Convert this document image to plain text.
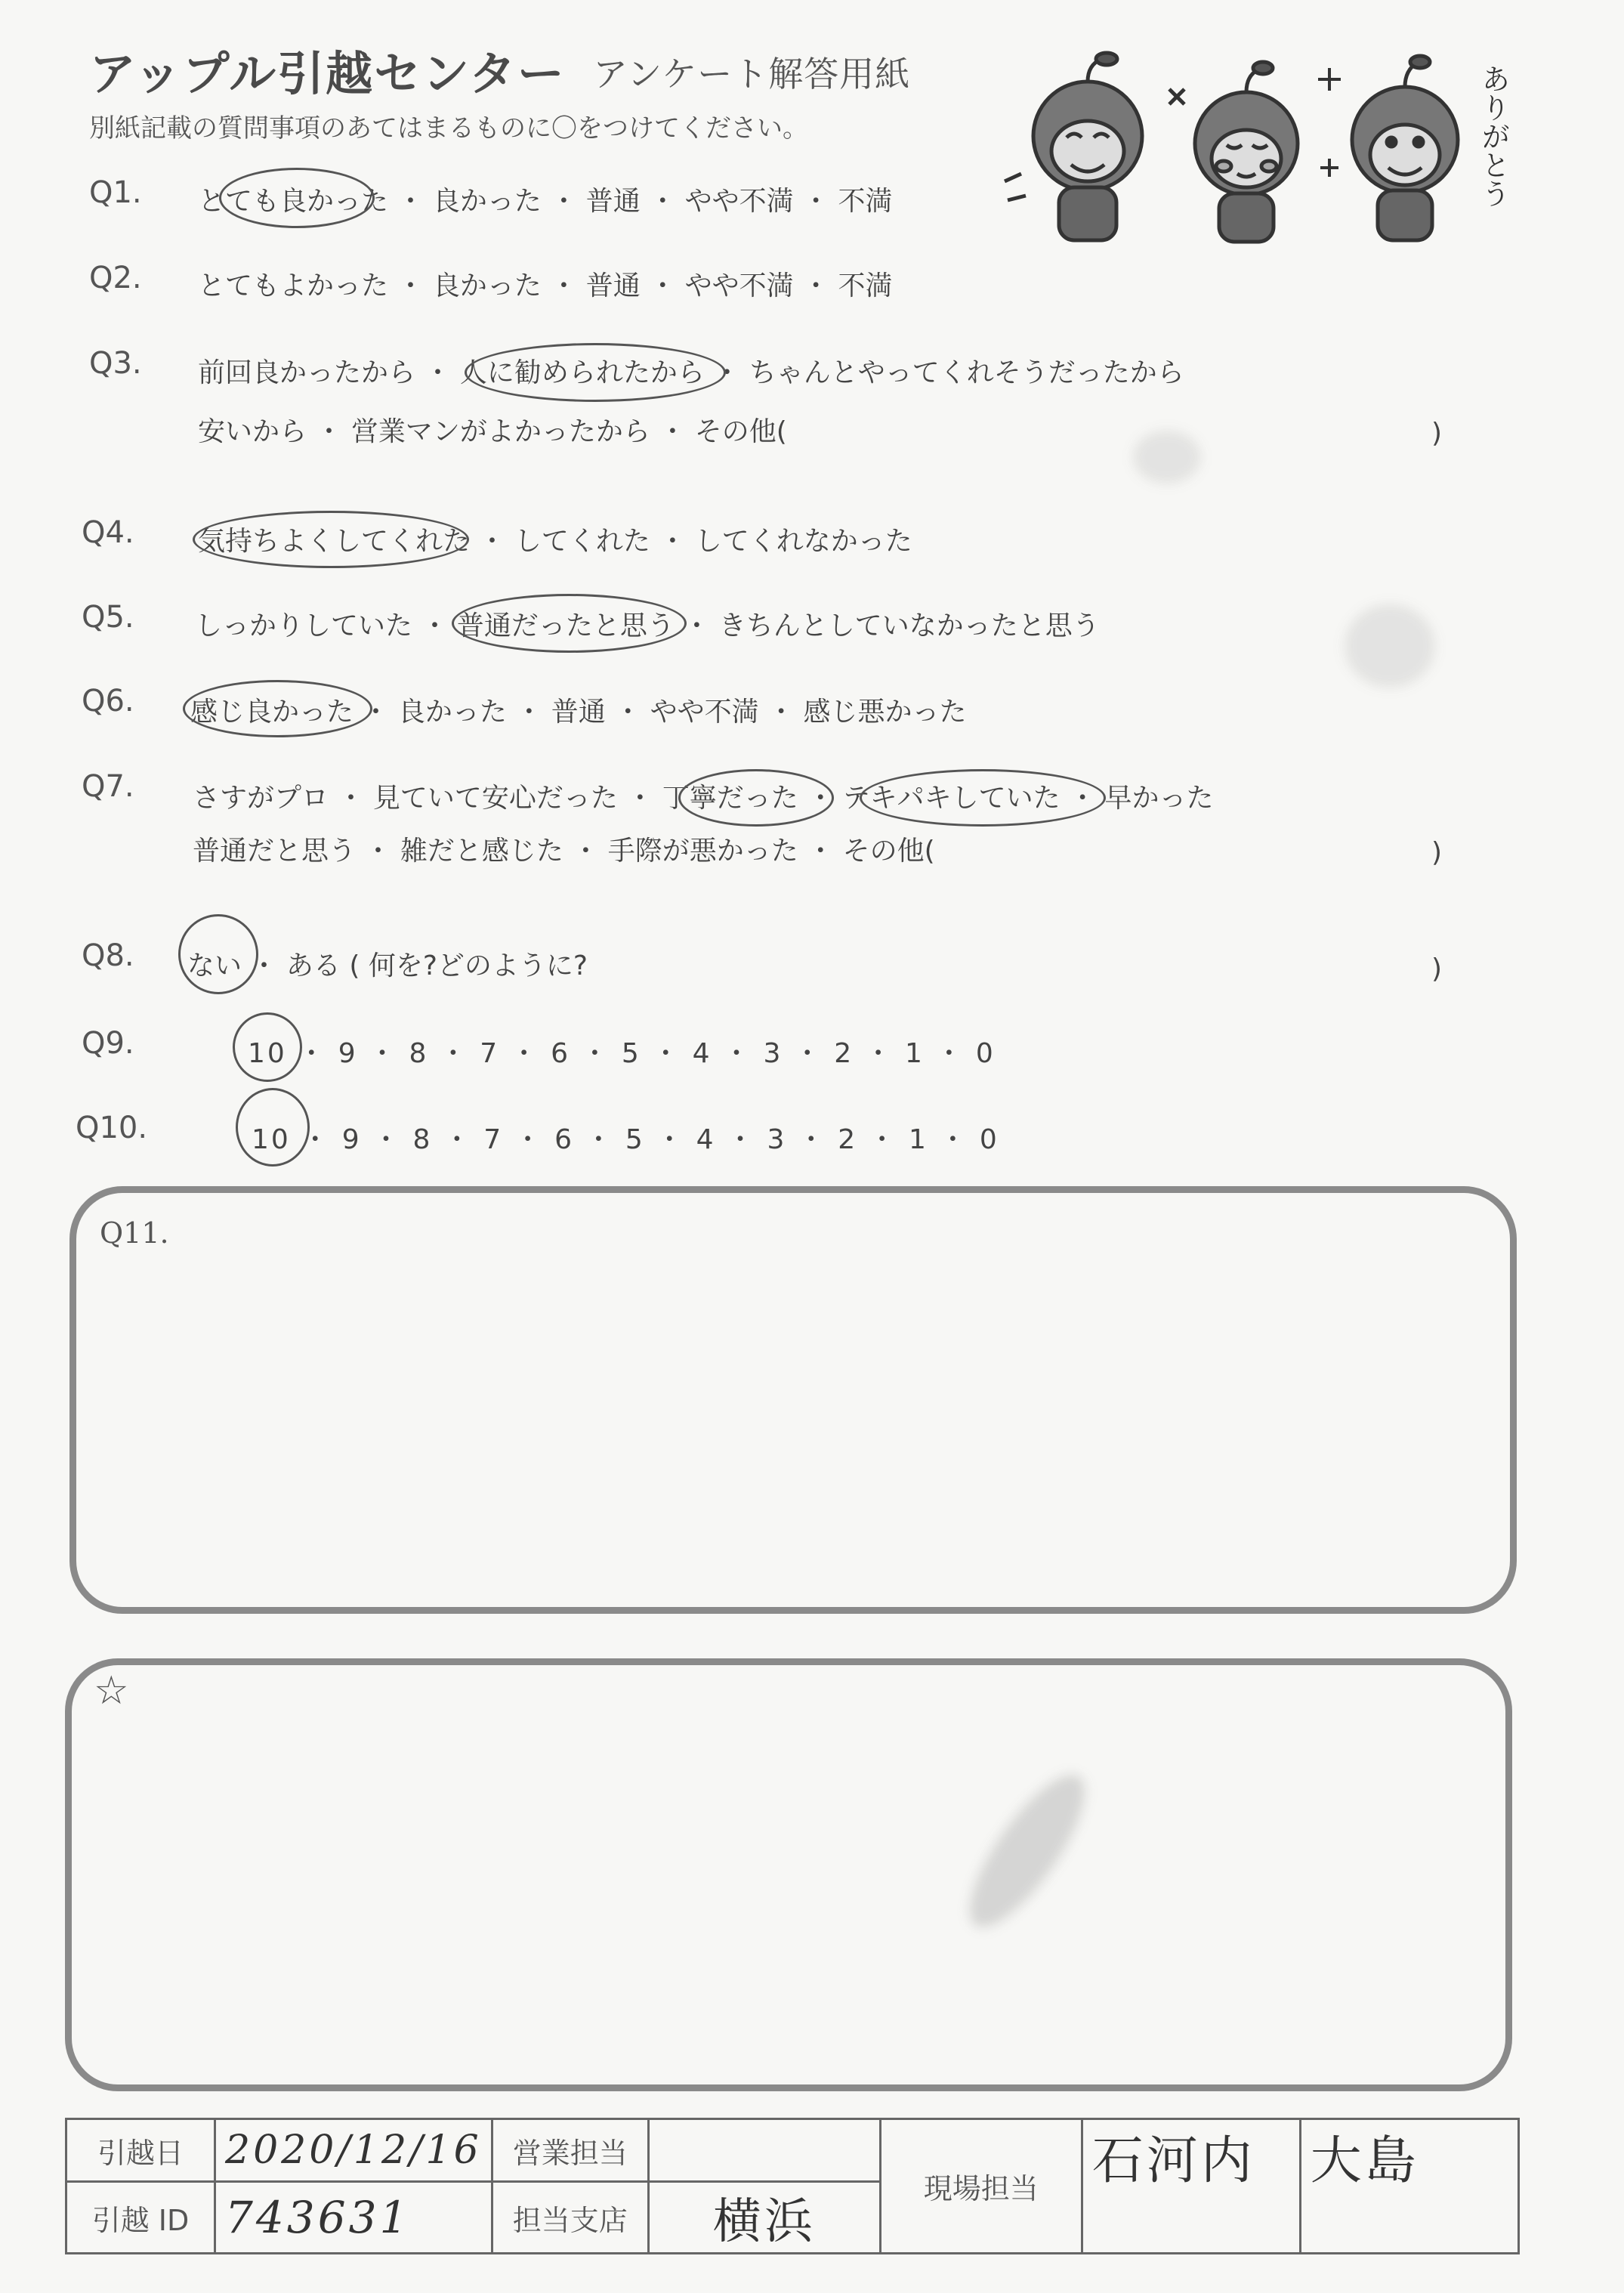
アップル引越センター アンケート解答用紙
別紙記載の質問事項のあてはまるものに〇をつけてください。	ありがとう
Q1. とても良かった ・ 良かった ・ 普通 ・ やや不満 ・ 不満
Q2. とてもよかった ・ 良かった ・ 普通 ・ やや不満 ・ 不満
Q3. 前回良かったから ・ 人に勧められたから ・ ちゃんとやってくれそうだったから
安いから ・ 営業マンがよかったから ・ その他(	)
Q4. 気持ちよくしてくれた ・ してくれた ・ してくれなかった
Q5. しっかりしていた ・ 普通だったと思う ・ きちんとしていなかったと思う
Q6. 感じ良かった ・ 良かった ・ 普通 ・ やや不満 ・ 感じ悪かった
Q7. さすがプロ ・ 見ていて安心だった ・ 丁寧だった ・ テキパキしていた ・ 早かった
普通だと思う ・ 雑だと感じた ・ 手際が悪かった ・ その他(	)
Q8. ない ・ ある ( 何を?どのように?	)
Q9.	10 ・ 9 ・ 8 ・ 7 ・ 6 ・ 5 ・ 4 ・ 3 ・ 2 ・ 1 ・ 0
Q10.	10 ・ 9 ・ 8 ・ 7 ・ 6 ・ 5 ・ 4 ・ 3 ・ 2 ・ 1 ・ 0
Q11.
☆
引越日	2020/12/16	営業担当		現場担当	石河内	大島
引越 ID	743631	担当支店	横浜			
